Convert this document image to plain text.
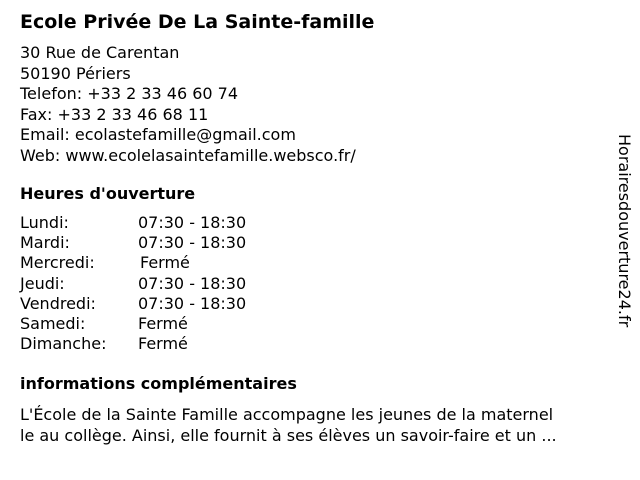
Ecole Privée De La Sainte-famille
30 Rue de Carentan
50190 Périers
Telefon: +33 2 33 46 60 74
Fax: +33 2 33 46 68 11
Email: ecolastefamille@gmail.com
Web: www.ecolelasaintefamille.websco.fr/
Heures d'ouverture
Lundi:	07:30 - 18:30
Mardi:	07:30 - 18:30
Mercredi:	Fermé
Jeudi:	07:30 - 18:30
Vendredi:	07:30 - 18:30
Samedi:	Fermé
Dimanche: Fermé
informations complémentaires
L'École de la Sainte Famille accompagne les jeunes de la maternel
le au collège. Ainsi, elle fournit à ses élèves un savoir-faire et un ...
Horairesdouverture24.fr
